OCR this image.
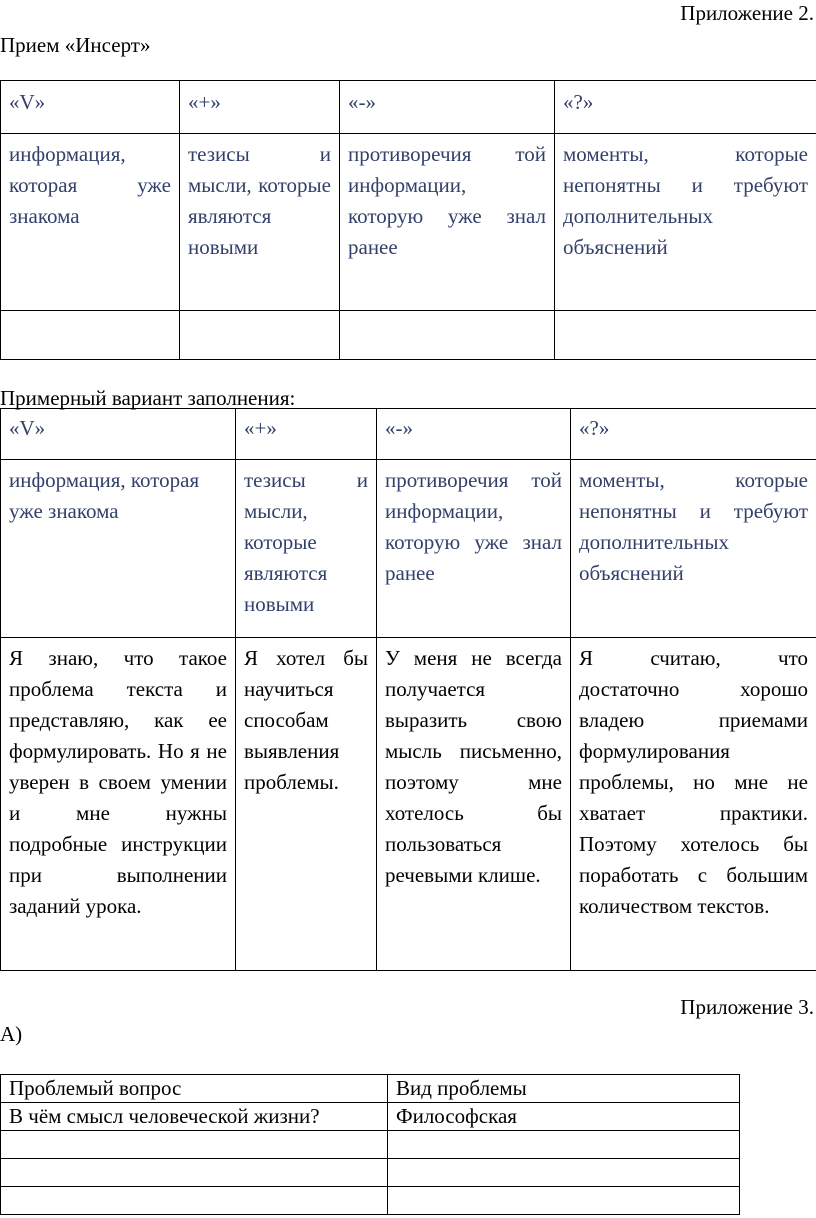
Приложение 2.
Прием «Инсерт»
«V»	«+»	«-»	«?»
информация, которая уже знакома	тезисы и мысли, которые являются новыми	противоречия той информации, которую уже знал ранее	моменты, которые непонятны и требуют дополнительных объяснений

Примерный вариант заполнения:
«V»	«+»	«-»	«?»
информация, которая уже знакома	тезисы и мысли, которые являются новыми	противоречия той информации, которую уже знал ранее	моменты, которые непонятны и требуют дополнительных объяснений
Я знаю, что такое проблема текста и представляю, как ее формулировать. Но я не уверен в своем умении и мне нужны подробные инструкции при выполнении заданий урока.	Я хотел бы научиться способам выявления проблемы.	У меня не всегда получается выразить свою мысль письменно, поэтому мне хотелось бы пользоваться речевыми клише.	Я считаю, что достаточно хорошо владею приемами формулирования проблемы, но мне не хватает практики. Поэтому хотелось бы поработать с большим количеством текстов.
Приложение 3.
А)
Проблемый вопрос	Вид проблемы
В чём смысл человеческой жизни?	Философская
